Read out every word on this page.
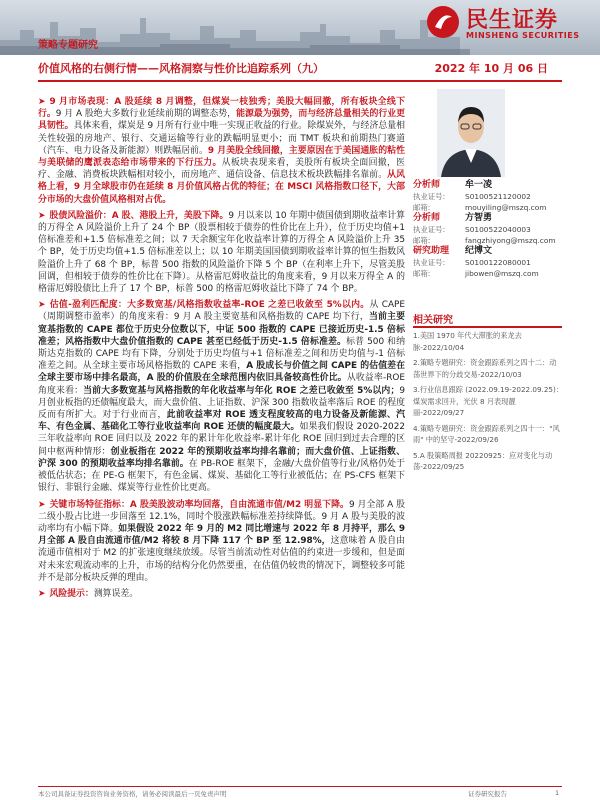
民生证券
MINSHENG SECURITIES
策略专题研究
价值风格的右侧行情——风格洞察与性价比追踪系列（九）	2022 年 10 月 06 日

➤ 9 月市场表现：A 股延续 8 月调整，但煤炭一枝独秀；美股大幅回撤，所有板块全线下行。9 月 A 股绝大多数行业延续前期的调整态势，能源最为强势，而与经济总量相关的行业更具韧性。具体来看，煤炭是 9 月所有行业中唯一实现正收益的行业。除煤炭外，与经济总量相关性较强的房地产、银行、交通运输等行业的跌幅明显更小；而 TMT 板块和前期热门赛道（汽车、电力设备及新能源）则跌幅居前。9 月美股全线回撤，主要原因在于美国通胀的粘性与美联储的鹰派表态给市场带来的下行压力。从板块表现来看，美股所有板块全面回撤，医疗、金融、消费板块跌幅相对较小，而房地产、通信设备、信息技术板块跌幅排名靠前。从风格上看，9 月全球股市仍在延续 8 月价值风格占优的特征；在 MSCI 风格指数口径下，大部分市场的大盘价值风格相对占优。

➤ 股债风险溢价：A 股、港股上升，美股下降。9 月以来以 10 年期中债国债到期收益率计算的万得全 A 风险溢价上升了 24 个 BP（股票相较于债券的性价比在上升），位于历史均值+1 倍标准差和+1.5 倍标准差之间；以 7 天余额宝年化收益率计算的万得全 A 风险溢价上升 35 个 BP，处于历史均值+1.5 倍标准差以上；以 10 年期美国国债到期收益率计算的恒生指数风险溢价上升了 68 个 BP，标普 500 指数的风险溢价下降 5 个 BP（在利率上升下，尽管美股回调，但相较于债券的性价比在下降）。从格雷厄姆收益比的角度来看，9 月以来万得全 A 的格雷厄姆股债比上升了 17 个 BP，标普 500 的格雷厄姆收益比下降了 74 个 BP。

➤ 估值-盈利匹配度：大多数宽基/风格指数收益率-ROE 之差已收敛至 5%以内。从 CAPE（周期调整市盈率）的角度来看：9 月 A 股主要宽基和风格指数的 CAPE 均下行，当前主要宽基指数的 CAPE 都位于历史分位数以下，中证 500 指数的 CAPE 已接近历史-1.5 倍标准差；风格指数中大盘价值指数的 CAPE 甚至已经低于历史-1.5 倍标准差。标普 500 和纳斯达克指数的 CAPE 均有下降，分别处于历史均值与+1 倍标准差之间和历史均值与-1 倍标准差之间。从全球主要市场风格指数的 CAPE 来看，A 股成长与价值之间 CAPE 的估值差在全球主要市场中排名最高，A 股的价值股在全球范围内依旧具备较高性价比。从收益率-ROE 角度来看：当前大多数宽基与风格指数的年化收益率与年化 ROE 之差已收敛至 5%以内；9 月创业板指的还债幅度最大，而大盘价值、上证指数、沪深 300 指数收益率落后 ROE 的程度反而有所扩大。对于行业而言，此前收益率对 ROE 透支程度较高的电力设备及新能源、汽车、有色金属、基础化工等行业收益率向 ROE 还债的幅度最大。如果我们假设 2020-2022 三年收益率向 ROE 回归以及 2022 年的累计年化收益率-累计年化 ROE 回归到过去合理的区间中枢两种情形：创业板指在 2022 年的预期收益率均排名靠前；而大盘价值、上证指数、沪深 300 的预期收益率均排名靠前。在 PB-ROE 框架下，金融/大盘价值等行业/风格仍处于被低估状态；在 PE-G 框架下，有色金属、煤炭、基础化工等行业被低估；在 PS-CFS 框架下银行、非银行金融、煤炭等行业性价比更高。

➤ 关键市场特征指标：A 股美股波动率均回落，自由流通市值/M2 明显下降。9 月全部 A 股二级小股占比进一步回落至 12.1%，同时个股涨跌幅标准差持续降低。9 月 A 股与美股的波动率均有小幅下降。如果假设 2022 年 9 月的 M2 同比增速与 2022 年 8 月持平，那么 9 月全部 A 股自由流通市值/M2 将较 8 月下降 117 个 BP 至 12.98%，这意味着 A 股自由流通市值相对于 M2 的扩张速度继续放缓。尽管当前流动性对估值的约束进一步缓和，但是面对未来宏观流动率的上升，市场的结构分化仍然要重，在估值仍较贵的情况下，调整较多可能并不是部分板块反弹的理由。

➤ 风险提示：测算误差。

分析师	牟一凌
执业证号:	S0100521120002
邮箱:	mouyiling@mszq.com
分析师	方智勇
执业证号:	S0100522040003
邮箱:	fangzhiyong@mszq.com
研究助理	纪博文
执业证号:	S0100122080001
邮箱:	jibowen@mszq.com
相关研究
1.美国 1970 年代大滞胀的来龙去脉-2022/10/04
2.策略专题研究：资金跟踪系列之四十二：动荡世界下的分歧交易-2022/10/03
3.行业信息跟踪 (2022.09.19-2022.09.25)：煤炭需求回升，光伏 8 月表现靓丽-2022/09/27
4.策略专题研究：资金跟踪系列之四十一："风雨" 中的坚守-2022/09/26
5.A 股策略周报 20220925：应对变化与动荡-2022/09/25
本公司具备证券投资咨询业务资格，请务必阅读最后一页免责声明	证券研究报告	1
